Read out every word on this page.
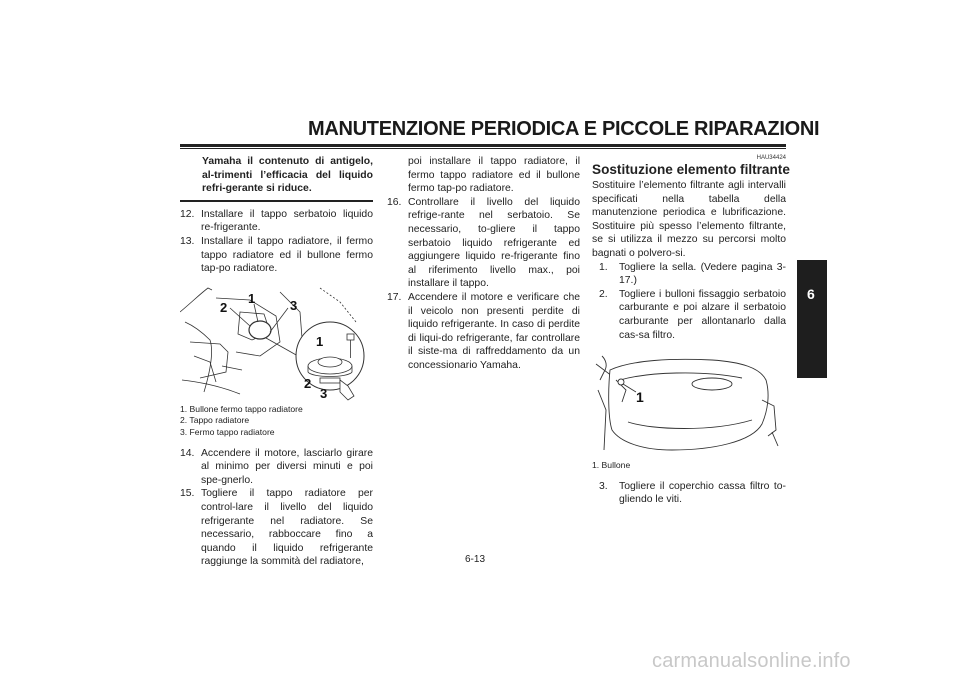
MANUTENZIONE PERIODICA E PICCOLE RIPARAZIONI
Yamaha il contenuto di antigelo, al-trimenti l’efficacia del liquido refri-gerante si riduce.
12. Installare il tappo serbatoio liquido re-frigerante.
13. Installare il tappo radiatore, il fermo tappo radiatore ed il bullone fermo tap-po radiatore.
2
1	3
1
2
3
1. Bullone fermo tappo radiatore
2. Tappo radiatore
3. Fermo tappo radiatore
14. Accendere il motore, lasciarlo girare al minimo per diversi minuti e poi spe-gnerlo.
15. Togliere il tappo radiatore per control-lare il livello del liquido refrigerante nel radiatore. Se necessario, rabboccare fino a quando il liquido refrigerante raggiunge la sommità del radiatore,

poi installare il tappo radiatore, il fermo tappo radiatore ed il bullone fermo tap-po radiatore.

16. Controllare il livello del liquido refrige-rante nel serbatoio. Se necessario, to-gliere il tappo serbatoio liquido refrigerante ed aggiungere liquido re-frigerante fino al riferimento livello max., poi installare il tappo.
17. Accendere il motore e verificare che il veicolo non presenti perdite di liquido refrigerante. In caso di perdite di liqui-do refrigerante, far controllare il siste-ma di raffreddamento da un concessionario Yamaha.
HAU34424
Sostituzione elemento filtrante

Sostituire l’elemento filtrante agli intervalli specificati nella tabella della manutenzione periodica e lubrificazione. Sostituire più spesso l’elemento filtrante, se si utilizza il mezzo su percorsi molto bagnati o polvero-si.

1.	Togliere la sella. (Vedere pagina 3-17.)
2.	Togliere i bulloni fissaggio serbatoio carburante e poi alzare il serbatoio carburante per allontanarlo dalla cas-sa filtro.
1
1. Bullone
3.	Togliere il coperchio cassa filtro to-gliendo le viti.
6
6-13
carmanualsonline.info
